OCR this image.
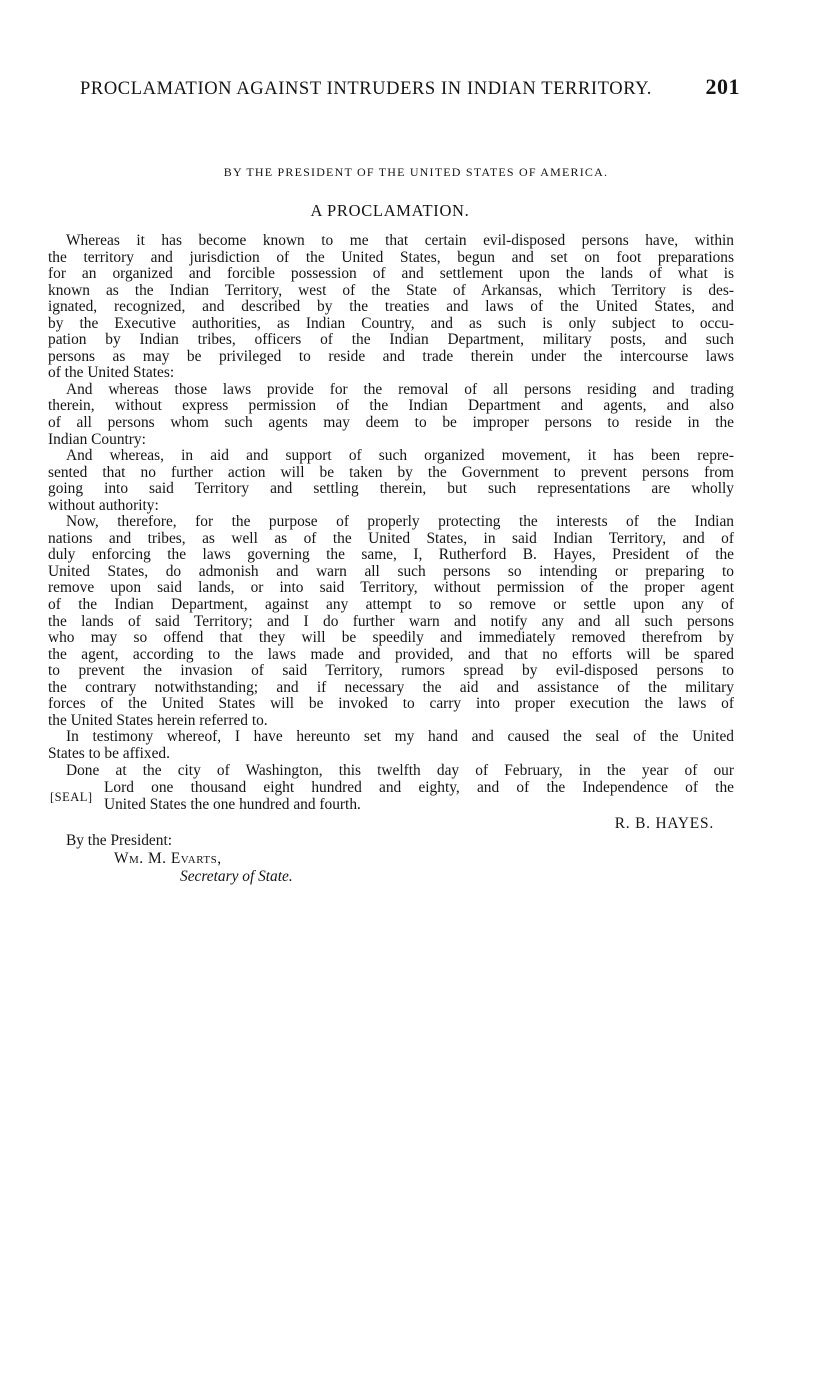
PROCLAMATION AGAINST INTRUDERS IN INDIAN TERRITORY. 201
BY THE PRESIDENT OF THE UNITED STATES OF AMERICA.
A PROCLAMATION.
Whereas it has become known to me that certain evil-disposed persons have, within
the territory and jurisdiction of the United States, begun and set on foot preparations
for an organized and forcible possession of and settlement upon the lands of what is
known as the Indian Territory, west of the State of Arkansas, which Territory is des-
ignated, recognized, and described by the treaties and laws of the United States, and
by the Executive authorities, as Indian Country, and as such is only subject to occu-
pation by Indian tribes, officers of the Indian Department, military posts, and such
persons as may be privileged to reside and trade therein under the intercourse laws
of the United States:
And whereas those laws provide for the removal of all persons residing and trading
therein, without express permission of the Indian Department and agents, and also
of all persons whom such agents may deem to be improper persons to reside in the
Indian Country:
And whereas, in aid and support of such organized movement, it has been repre-
sented that no further action will be taken by the Government to prevent persons from
going into said Territory and settling therein, but such representations are wholly
without authority:
Now, therefore, for the purpose of properly protecting the interests of the Indian
nations and tribes, as well as of the United States, in said Indian Territory, and of
duly enforcing the laws governing the same, I, Rutherford B. Hayes, President of the
United States, do admonish and warn all such persons so intending or preparing to
remove upon said lands, or into said Territory, without permission of the proper agent
of the Indian Department, against any attempt to so remove or settle upon any of
the lands of said Territory; and I do further warn and notify any and all such persons
who may so offend that they will be speedily and immediately removed therefrom by
the agent, according to the laws made and provided, and that no efforts will be spared
to prevent the invasion of said Territory, rumors spread by evil-disposed persons to
the contrary notwithstanding; and if necessary the aid and assistance of the military
forces of the United States will be invoked to carry into proper execution the laws of
the United States herein referred to.
In testimony whereof, I have hereunto set my hand and caused the seal of the United
States to be affixed.
Done at the city of Washington, this twelfth day of February, in the year of our
[SEAL]
Lord one thousand eight hundred and eighty, and of the Independence of the
United States the one hundred and fourth.
R. B. HAYES.
By the President:
Wm. M. Evarts,
Secretary of State.
